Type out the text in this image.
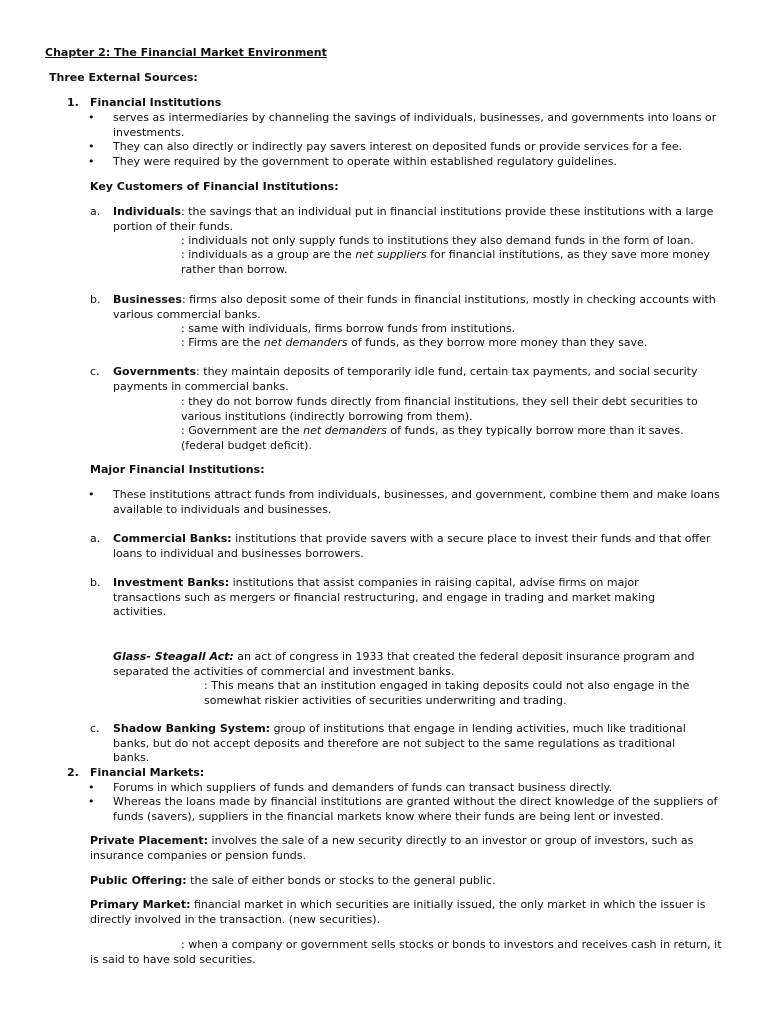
Chapter 2: The Financial Market Environment
Three External Sources:
1. Financial Institutions
• serves as intermediaries by channeling the savings of individuals, businesses, and governments into loans or investments.
• They can also directly or indirectly pay savers interest on deposited funds or provide services for a fee.
• They were required by the government to operate within established regulatory guidelines.
Key Customers of Financial Institutions:
a. Individuals: the savings that an individual put in financial institutions provide these institutions with a large portion of their funds.
: individuals not only supply funds to institutions they also demand funds in the form of loan.
: individuals as a group are the net suppliers for financial institutions, as they save more money rather than borrow.
b. Businesses: firms also deposit some of their funds in financial institutions, mostly in checking accounts with various commercial banks.
: same with individuals, firms borrow funds from institutions.
: Firms are the net demanders of funds, as they borrow more money than they save.
c. Governments: they maintain deposits of temporarily idle fund, certain tax payments, and social security payments in commercial banks.
: they do not borrow funds directly from financial institutions, they sell their debt securities to various institutions (indirectly borrowing from them).
: Government are the net demanders of funds, as they typically borrow more than it saves. (federal budget deficit).
Major Financial Institutions:
• These institutions attract funds from individuals, businesses, and government, combine them and make loans available to individuals and businesses.
a. Commercial Banks: institutions that provide savers with a secure place to invest their funds and that offer loans to individual and businesses borrowers.
b. Investment Banks: institutions that assist companies in raising capital, advise firms on major transactions such as mergers or financial restructuring, and engage in trading and market making activities.
Glass- Steagall Act: an act of congress in 1933 that created the federal deposit insurance program and separated the activities of commercial and investment banks.
: This means that an institution engaged in taking deposits could not also engage in the somewhat riskier activities of securities underwriting and trading.
c. Shadow Banking System: group of institutions that engage in lending activities, much like traditional banks, but do not accept deposits and therefore are not subject to the same regulations as traditional banks.
2. Financial Markets:
• Forums in which suppliers of funds and demanders of funds can transact business directly.
• Whereas the loans made by financial institutions are granted without the direct knowledge of the suppliers of funds (savers), suppliers in the financial markets know where their funds are being lent or invested.
Private Placement: involves the sale of a new security directly to an investor or group of investors, such as insurance companies or pension funds.
Public Offering: the sale of either bonds or stocks to the general public.
Primary Market: financial market in which securities are initially issued, the only market in which the issuer is directly involved in the transaction. (new securities).
: when a company or government sells stocks or bonds to investors and receives cash in return, it is said to have sold securities.
